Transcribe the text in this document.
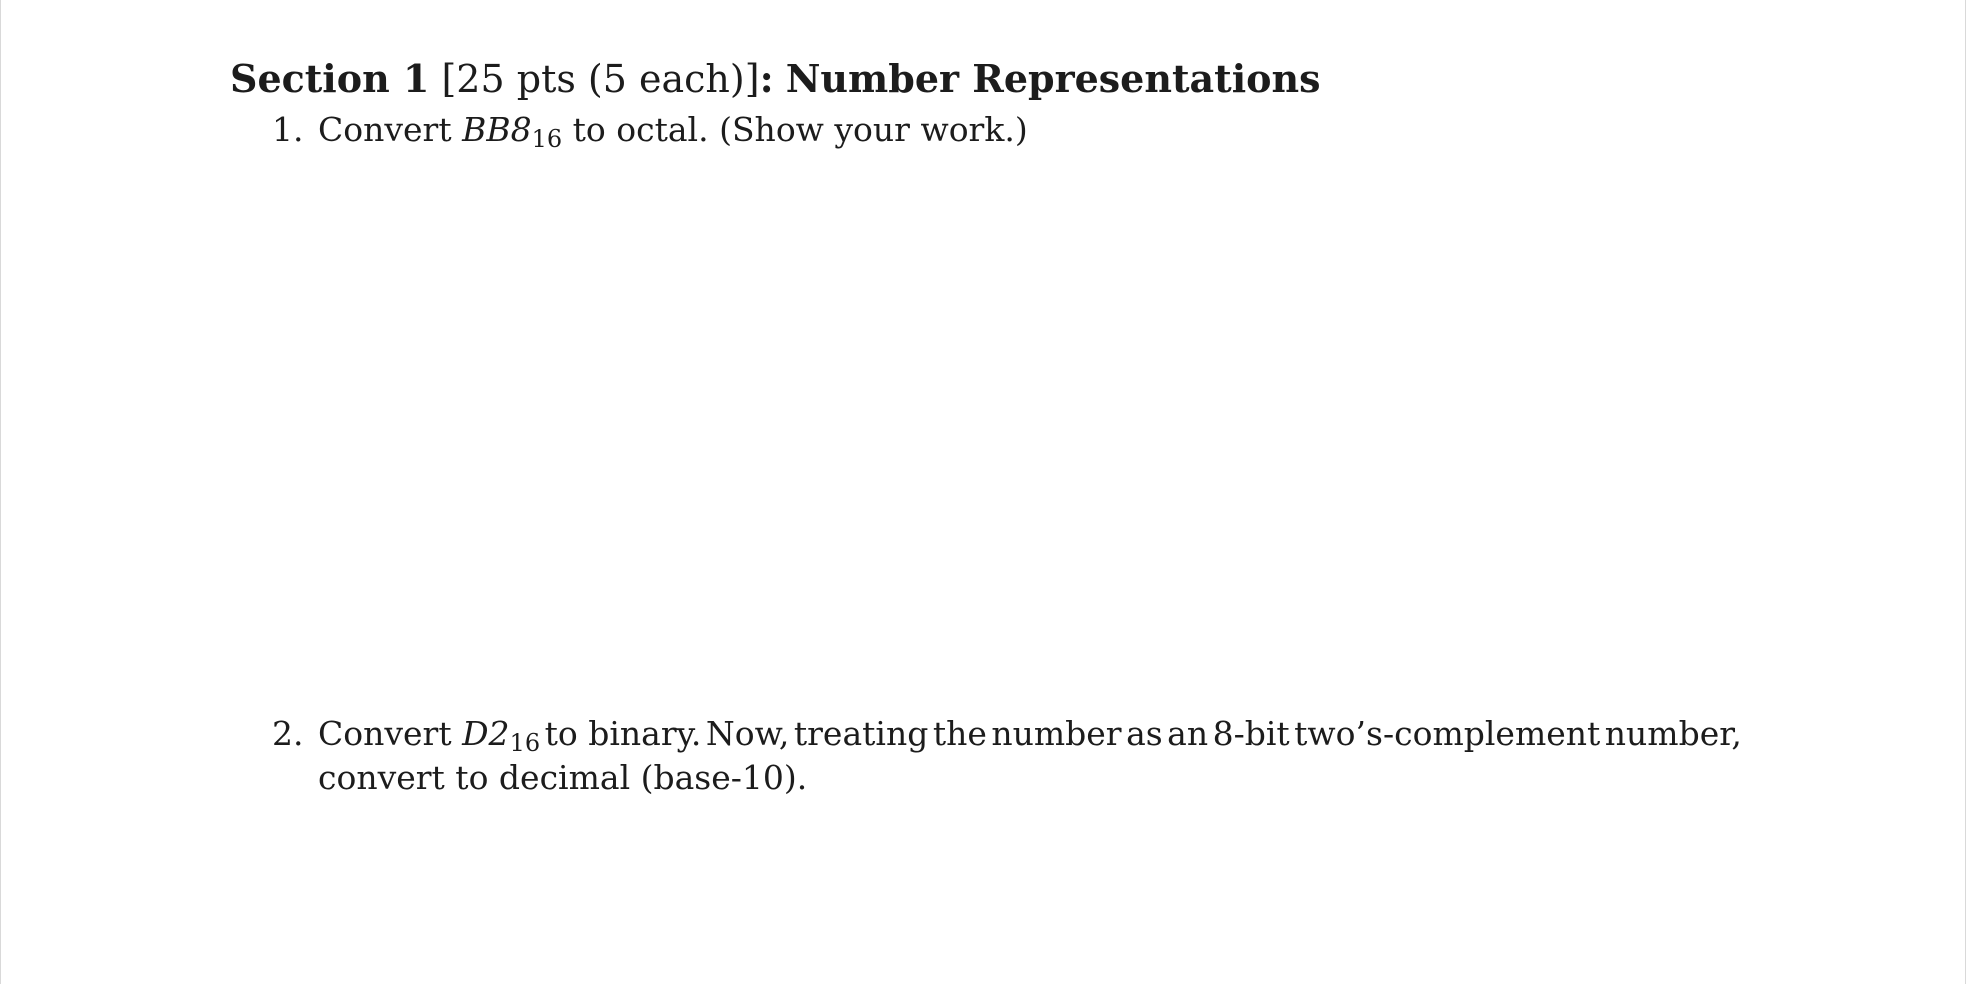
Section 1 [25 pts (5 each)]: Number Representations
1. Convert $BB8_{16}$ to octal. (Show your work.)
2. Convert $D2_{16}$ to binary. Now, treating the number as an 8-bit two’s-complement number,
convert to decimal (base-10).
